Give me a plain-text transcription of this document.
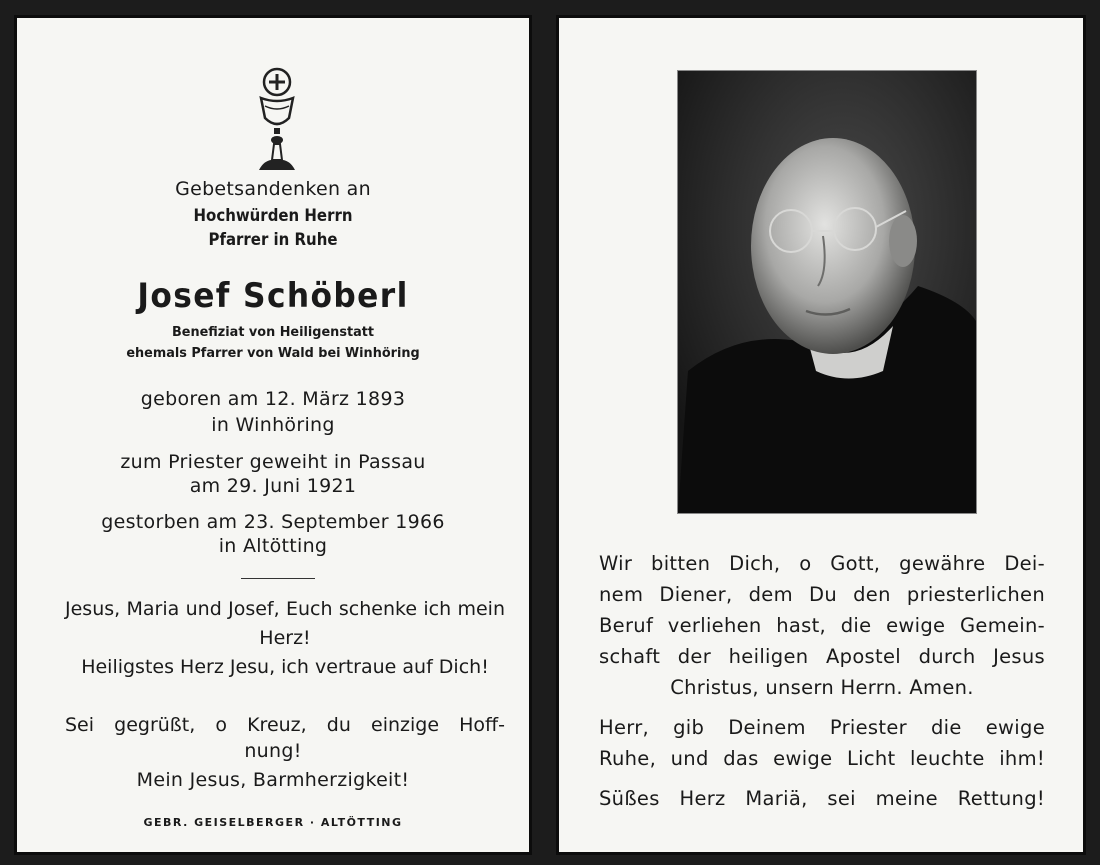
Gebetsandenken an
Hochwürden Herrn
Pfarrer in Ruhe
Josef Schöberl
Benefiziat von Heiligenstatt
ehemals Pfarrer von Wald bei Winhöring
geboren am 12. März 1893
in Winhöring
zum Priester geweiht in Passau
am 29. Juni 1921
gestorben am 23. September 1966
in Altötting
Jesus, Maria und Josef, Euch schenke ich mein Herz!
Heiligstes Herz Jesu, ich vertraue auf Dich!
Sei gegrüßt, o Kreuz, du einzige Hoff-
nung!
Mein Jesus, Barmherzigkeit!
GEBR. GEISELBERGER · ALTÖTTING
Wir bitten Dich, o Gott, gewähre Dei-
nem Diener, dem Du den priesterlichen
Beruf verliehen hast, die ewige Gemein-
schaft der heiligen Apostel durch Jesus
Christus, unsern Herrn. Amen.
Herr, gib Deinem Priester die ewige
Ruhe, und das ewige Licht leuchte ihm!
Süßes Herz Mariä, sei meine Rettung!
